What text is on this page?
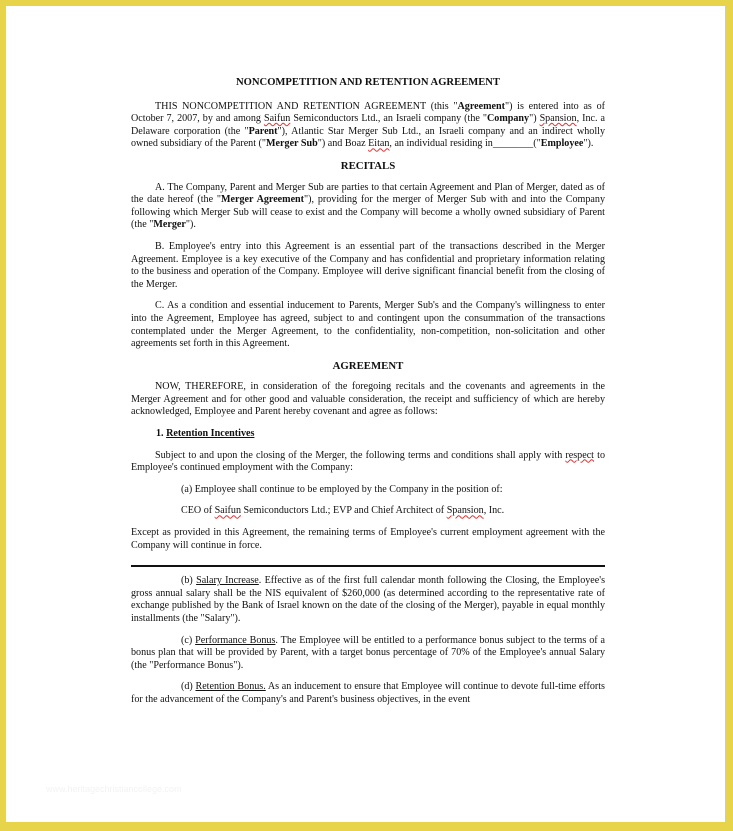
NONCOMPETITION AND RETENTION AGREEMENT

THIS NONCOMPETITION AND RETENTION AGREEMENT (this "Agreement") is entered into as of October 7, 2007, by and among Saifun Semiconductors Ltd., an Israeli company (the "Company") Spansion, Inc. a Delaware corporation (the "Parent"), Atlantic Star Merger Sub Ltd., an Israeli company and an indirect wholly owned subsidiary of the Parent ("Merger Sub") and Boaz Eitan, an individual residing in________("Employee").

RECITALS

A. The Company, Parent and Merger Sub are parties to that certain Agreement and Plan of Merger, dated as of the date hereof (the "Merger Agreement"), providing for the merger of Merger Sub with and into the Company following which Merger Sub will cease to exist and the Company will become a wholly owned subsidiary of Parent (the "Merger").

B. Employee's entry into this Agreement is an essential part of the transactions described in the Merger Agreement. Employee is a key executive of the Company and has confidential and proprietary information relating to the business and operation of the Company. Employee will derive significant financial benefit from the closing of the Merger.

C. As a condition and essential inducement to Parents, Merger Sub's and the Company's willingness to enter into the Agreement, Employee has agreed, subject to and contingent upon the consummation of the transactions contemplated under the Merger Agreement, to the confidentiality, non-competition, non-solicitation and other agreements set forth in this Agreement.

AGREEMENT

NOW, THEREFORE, in consideration of the foregoing recitals and the covenants and agreements in the Merger Agreement and for other good and valuable consideration, the receipt and sufficiency of which are hereby acknowledged, Employee and Parent hereby covenant and agree as follows:

1. Retention Incentives

Subject to and upon the closing of the Merger, the following terms and conditions shall apply with respect to Employee's continued employment with the Company:

(a) Employee shall continue to be employed by the Company in the position of:

CEO of Saifun Semiconductors Ltd.; EVP and Chief Architect of Spansion, Inc.

Except as provided in this Agreement, the remaining terms of Employee's current employment agreement with the Company will continue in force.

(b) Salary Increase. Effective as of the first full calendar month following the Closing, the Employee's gross annual salary shall be the NIS equivalent of $260,000 (as determined according to the representative rate of exchange published by the Bank of Israel known on the date of the closing of the Merger), payable in equal monthly installments (the "Salary").

(c) Performance Bonus. The Employee will be entitled to a performance bonus subject to the terms of a bonus plan that will be provided by Parent, with a target bonus percentage of 70% of the Employee's annual Salary (the "Performance Bonus").

(d) Retention Bonus. As an inducement to ensure that Employee will continue to devote full-time efforts for the advancement of the Company's and Parent's business objectives, in the event

www.heritagechristiancollege.com
